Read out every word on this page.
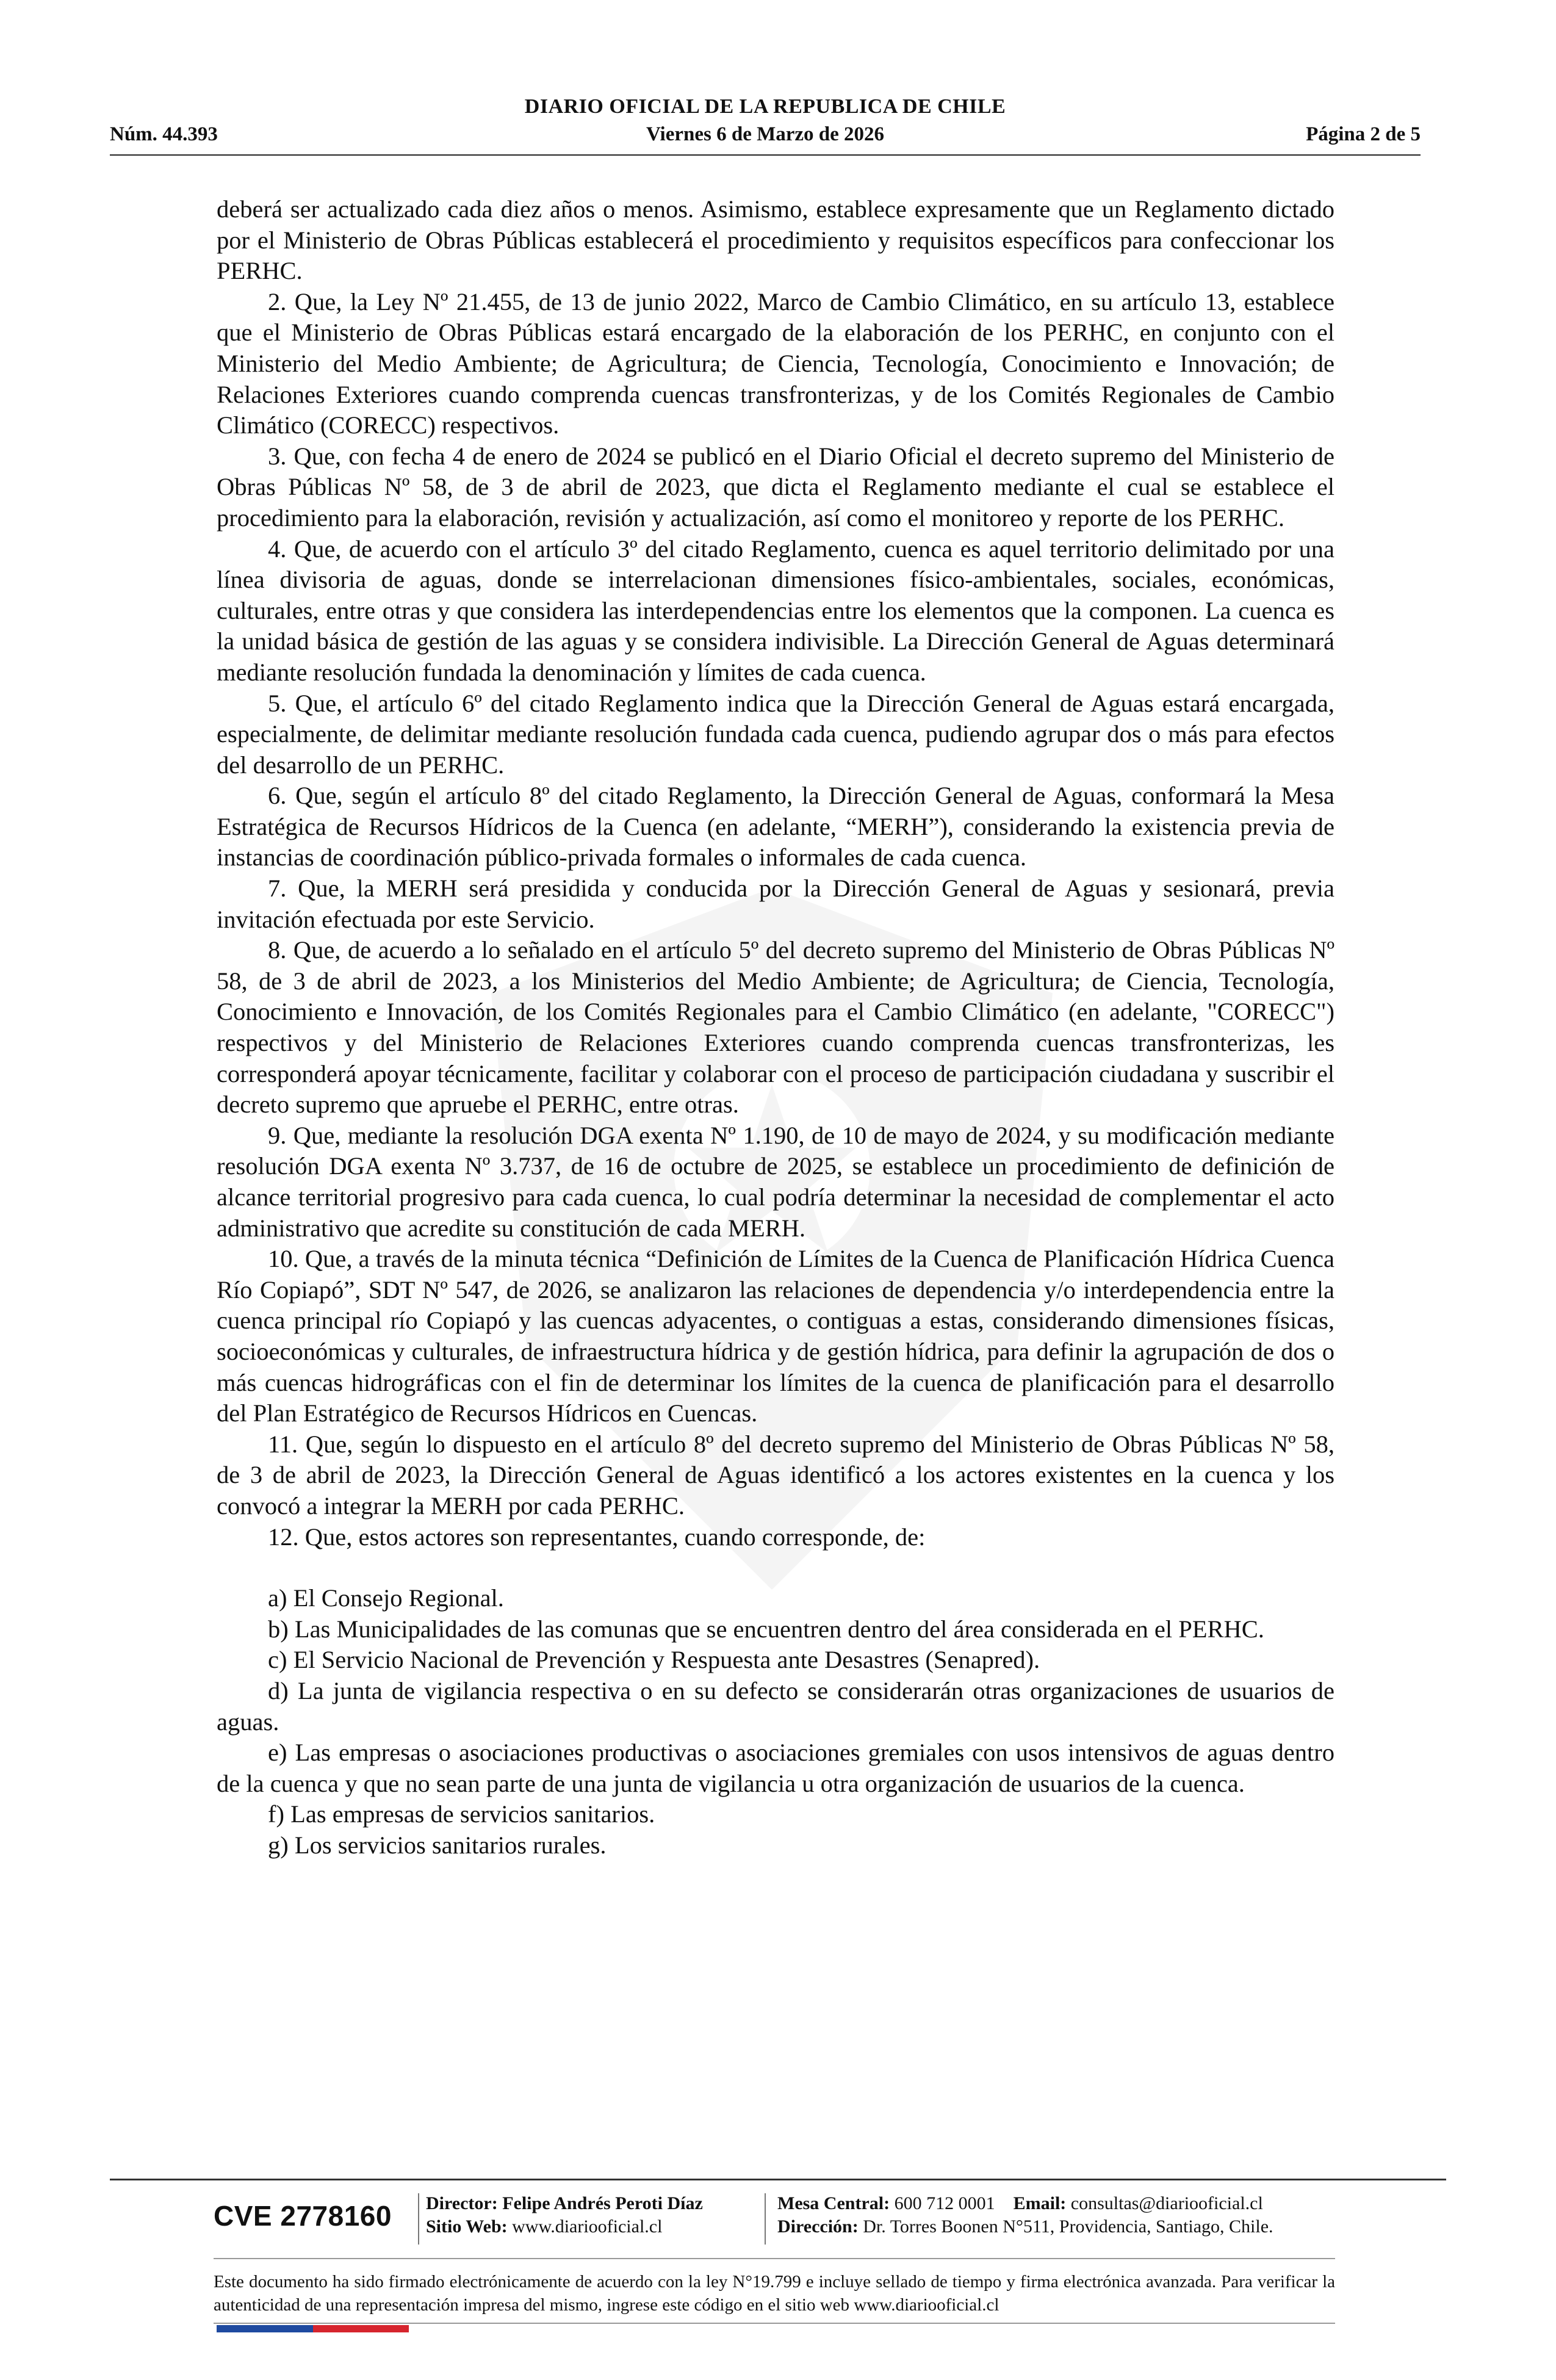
DIARIO OFICIAL DE LA REPUBLICA DE CHILE
Núm. 44.393	Viernes 6 de Marzo de 2026	Página 2 de 5

deberá ser actualizado cada diez años o menos. Asimismo, establece expresamente que un Reglamento dictado por el Ministerio de Obras Públicas establecerá el procedimiento y requisitos específicos para confeccionar los PERHC.

2. Que, la Ley Nº 21.455, de 13 de junio 2022, Marco de Cambio Climático, en su artículo 13, establece que el Ministerio de Obras Públicas estará encargado de la elaboración de los PERHC, en conjunto con el Ministerio del Medio Ambiente; de Agricultura; de Ciencia, Tecnología, Conocimiento e Innovación; de Relaciones Exteriores cuando comprenda cuencas transfronterizas, y de los Comités Regionales de Cambio Climático (CORECC) respectivos.

3. Que, con fecha 4 de enero de 2024 se publicó en el Diario Oficial el decreto supremo del Ministerio de Obras Públicas Nº 58, de 3 de abril de 2023, que dicta el Reglamento mediante el cual se establece el procedimiento para la elaboración, revisión y actualización, así como el monitoreo y reporte de los PERHC.

4. Que, de acuerdo con el artículo 3º del citado Reglamento, cuenca es aquel territorio delimitado por una línea divisoria de aguas, donde se interrelacionan dimensiones físico-ambientales, sociales, económicas, culturales, entre otras y que considera las interdependencias entre los elementos que la componen. La cuenca es la unidad básica de gestión de las aguas y se considera indivisible. La Dirección General de Aguas determinará mediante resolución fundada la denominación y límites de cada cuenca.

5. Que, el artículo 6º del citado Reglamento indica que la Dirección General de Aguas estará encargada, especialmente, de delimitar mediante resolución fundada cada cuenca, pudiendo agrupar dos o más para efectos del desarrollo de un PERHC.

6. Que, según el artículo 8º del citado Reglamento, la Dirección General de Aguas, conformará la Mesa Estratégica de Recursos Hídricos de la Cuenca (en adelante, “MERH”), considerando la existencia previa de instancias de coordinación público-privada formales o informales de cada cuenca.

7. Que, la MERH será presidida y conducida por la Dirección General de Aguas y sesionará, previa invitación efectuada por este Servicio.

8. Que, de acuerdo a lo señalado en el artículo 5º del decreto supremo del Ministerio de Obras Públicas Nº 58, de 3 de abril de 2023, a los Ministerios del Medio Ambiente; de Agricultura; de Ciencia, Tecnología, Conocimiento e Innovación, de los Comités Regionales para el Cambio Climático (en adelante, "CORECC") respectivos y del Ministerio de Relaciones Exteriores cuando comprenda cuencas transfronterizas, les corresponderá apoyar técnicamente, facilitar y colaborar con el proceso de participación ciudadana y suscribir el decreto supremo que apruebe el PERHC, entre otras.

9. Que, mediante la resolución DGA exenta Nº 1.190, de 10 de mayo de 2024, y su modificación mediante resolución DGA exenta Nº 3.737, de 16 de octubre de 2025, se establece un procedimiento de definición de alcance territorial progresivo para cada cuenca, lo cual podría determinar la necesidad de complementar el acto administrativo que acredite su constitución de cada MERH.

10. Que, a través de la minuta técnica “Definición de Límites de la Cuenca de Planificación Hídrica Cuenca Río Copiapó”, SDT Nº 547, de 2026, se analizaron las relaciones de dependencia y/o interdependencia entre la cuenca principal río Copiapó y las cuencas adyacentes, o contiguas a estas, considerando dimensiones físicas, socioeconómicas y culturales, de infraestructura hídrica y de gestión hídrica, para definir la agrupación de dos o más cuencas hidrográficas con el fin de determinar los límites de la cuenca de planificación para el desarrollo del Plan Estratégico de Recursos Hídricos en Cuencas.

11. Que, según lo dispuesto en el artículo 8º del decreto supremo del Ministerio de Obras Públicas Nº 58, de 3 de abril de 2023, la Dirección General de Aguas identificó a los actores existentes en la cuenca y los convocó a integrar la MERH por cada PERHC.

12. Que, estos actores son representantes, cuando corresponde, de:

a) El Consejo Regional.

b) Las Municipalidades de las comunas que se encuentren dentro del área considerada en el PERHC.

c) El Servicio Nacional de Prevención y Respuesta ante Desastres (Senapred).

d) La junta de vigilancia respectiva o en su defecto se considerarán otras organizaciones de usuarios de aguas.

e) Las empresas o asociaciones productivas o asociaciones gremiales con usos intensivos de aguas dentro de la cuenca y que no sean parte de una junta de vigilancia u otra organización de usuarios de la cuenca.

f) Las empresas de servicios sanitarios.

g) Los servicios sanitarios rurales.

CVE 2778160 Director: Felipe Andrés Peroti Díaz
Sitio Web: www.diariooficial.cl
Mesa Central: 600 712 0001 Email: consultas@diariooficial.cl
Dirección: Dr. Torres Boonen N°511, Providencia, Santiago, Chile.
Este documento ha sido firmado electrónicamente de acuerdo con la ley N°19.799 e incluye sellado de tiempo y firma electrónica avanzada. Para verificar la autenticidad de una representación impresa del mismo, ingrese este código en el sitio web www.diariooficial.cl
